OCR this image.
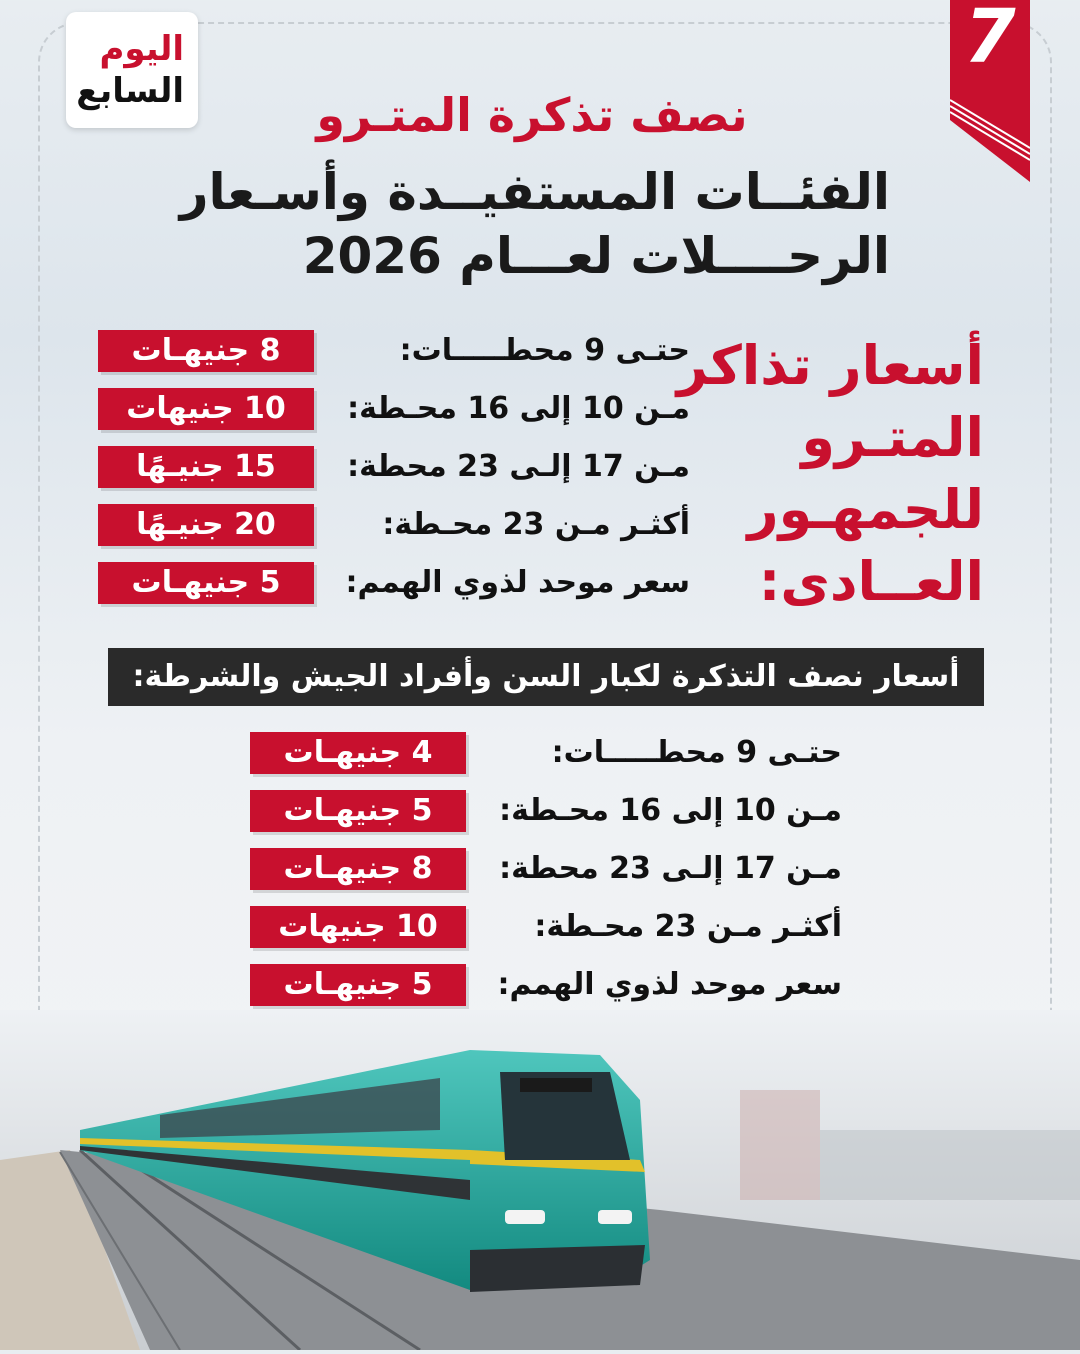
اليوم
السابع
7
نصف تذكرة المتـرو
الفئــات المستفيــدة وأسـعار
الرحــــلات لعـــام 2026
أسعار تذاكر
المتـرو
للجمهـور
العــادى:
حتـى 9 محطـــــات:
8 جنيهـات
مـن 10 إلى 16 محـطة:
10 جنيهات
مـن 17 إلـى 23 محطة:
15 جنيـهًا
أكثـر مـن 23 محـطة:
20 جنيـهًا
سعر موحد لذوي الهمم:
5 جنيهـات
أسعار نصف التذكرة لكبار السن وأفراد الجيش والشرطة:
حتـى 9 محطـــــات:
4 جنيهـات
مـن 10 إلى 16 محـطة:
5 جنيهـات
مـن 17 إلـى 23 محطة:
8 جنيهـات
أكثـر مـن 23 محـطة:
10 جنيهات
سعر موحد لذوي الهمم:
5 جنيهـات
